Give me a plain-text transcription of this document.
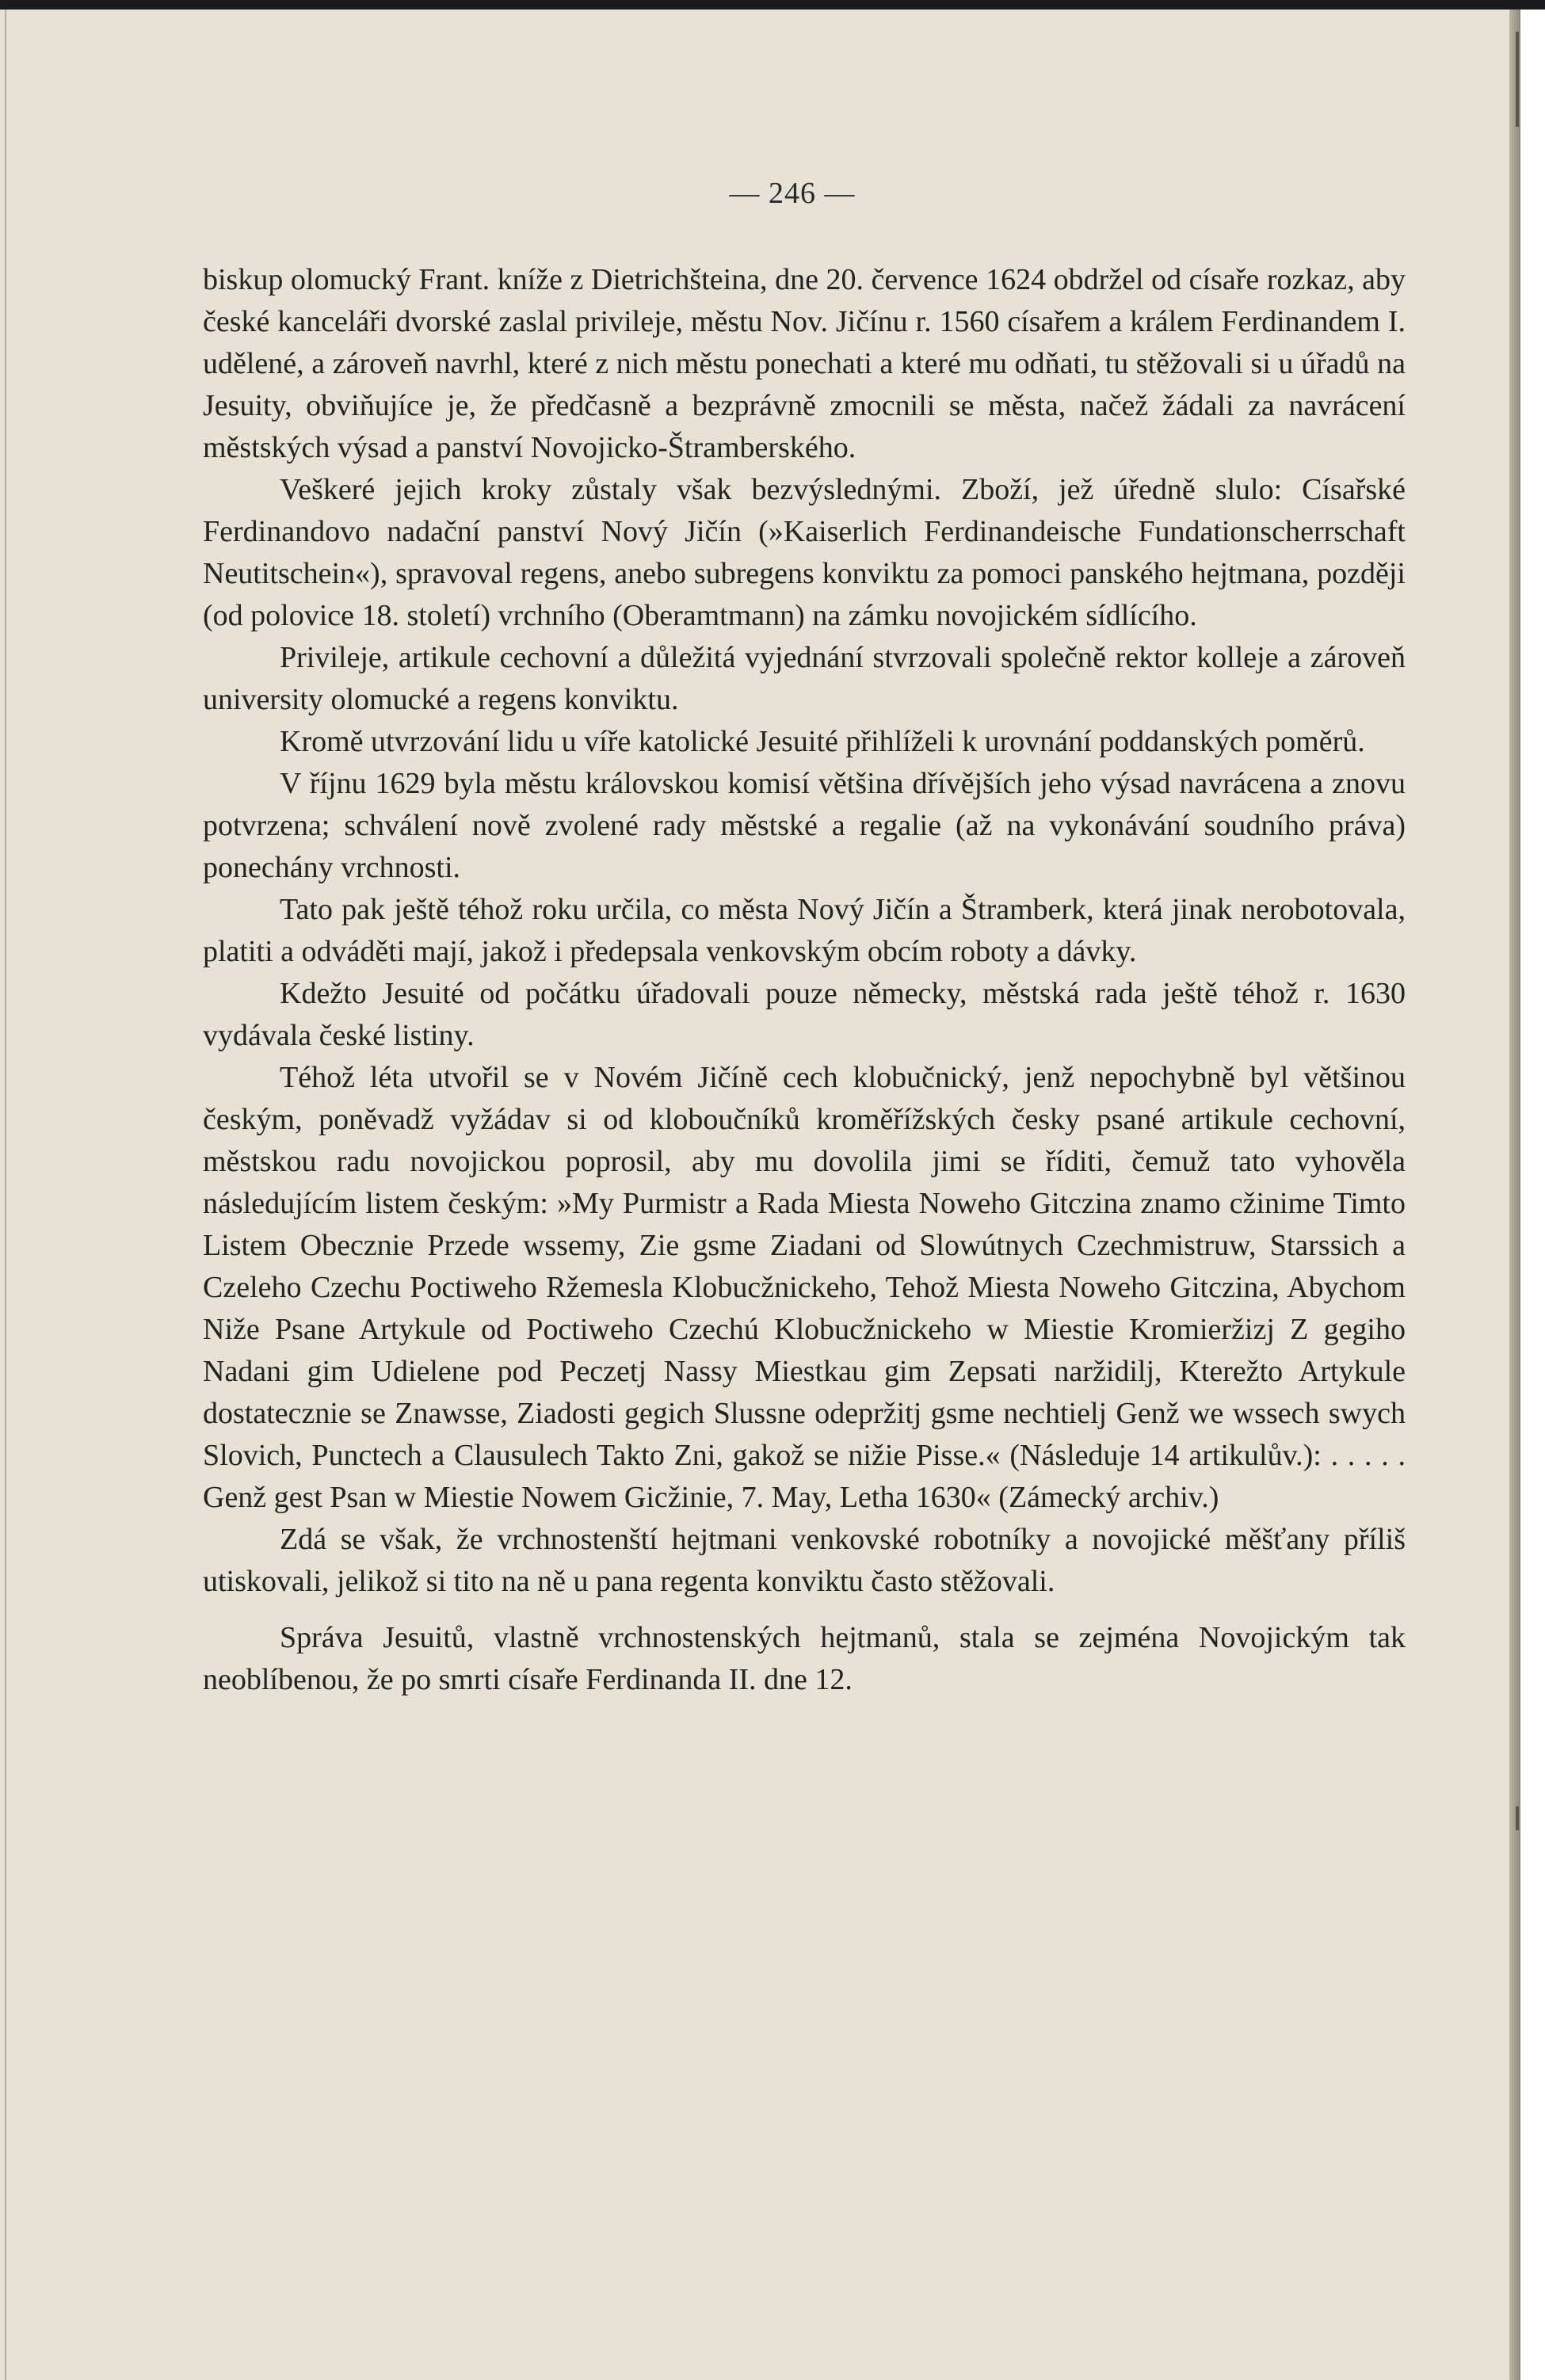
— 246 —

biskup olomucký Frant. kníže z Dietrichšteina, dne 20. července 1624 obdržel od císaře rozkaz, aby české kanceláři dvorské zaslal privileje, městu Nov. Jičínu r. 1560 císařem a králem Ferdinandem I. udělené, a zároveň navrhl, které z nich městu ponechati a které mu odňati, tu stěžovali si u úřadů na Jesuity, obviňujíce je, že předčasně a bezprávně zmocnili se města, načež žádali za navrácení městských výsad a panství Novojicko-Štramberského.

Veškeré jejich kroky zůstaly však bezvýslednými. Zboží, jež úředně slulo: Císařské Ferdinandovo nadační panství Nový Jičín (»Kaiserlich Ferdinandeische Fundationscherrschaft Neutitschein«), spravoval regens, anebo subregens konviktu za pomoci panského hejtmana, později (od polovice 18. století) vrchního (Oberamtmann) na zámku novojickém sídlícího.

Privileje, artikule cechovní a důležitá vyjednání stvrzovali společně rektor kolleje a zároveň university olomucké a regens konviktu.

Kromě utvrzování lidu u víře katolické Jesuité přihlíželi k urovnání poddanských poměrů.

V říjnu 1629 byla městu královskou komisí většina dřívějších jeho výsad navrácena a znovu potvrzena; schválení nově zvolené rady městské a regalie (až na vykonávání soudního práva) ponechány vrchnosti.

Tato pak ještě téhož roku určila, co města Nový Jičín a Štramberk, která jinak nerobotovala, platiti a odváděti mají, jakož i předepsala venkovským obcím roboty a dávky.

Kdežto Jesuité od počátku úřadovali pouze německy, městská rada ještě téhož r. 1630 vydávala české listiny.

Téhož léta utvořil se v Novém Jičíně cech klobučnický, jenž nepochybně byl většinou českým, poněvadž vyžádav si od kloboučníků kroměřížských česky psané artikule cechovní, městskou radu novojickou poprosil, aby mu dovolila jimi se říditi, čemuž tato vyhověla následujícím listem českým: »My Purmistr a Rada Miesta Noweho Gitczina znamo cžinime Timto Listem Obecznie Przede wssemy, Zie gsme Ziadani od Slowútnych Czechmistruw, Starssich a Czeleho Czechu Poctiweho Ržemesla Klobucžnickeho, Tehož Miesta Noweho Gitczina, Abychom Niže Psane Artykule od Poctiweho Czechú Klobucžnickeho w Miestie Kromieržizj Z gegiho Nadani gim Udielene pod Peczetj Nassy Miestkau gim Zepsati naržidilj, Kterežto Artykule dostatecznie se Znawsse, Ziadosti gegich Slussne odepržitj gsme nechtielj Genž we wssech swych Slovich, Punctech a Clausulech Takto Zni, gakož se nižie Pisse.« (Následuje 14 artikulův.): . . . . . Genž gest Psan w Miestie Nowem Gicžinie, 7. May, Letha 1630« (Zámecký archiv.)

Zdá se však, že vrchnostenští hejtmani venkovské robotníky a novojické měšťany příliš utiskovali, jelikož si tito na ně u pana regenta konviktu často stěžovali.

Správa Jesuitů, vlastně vrchnostenských hejtmanů, stala se zejména Novojickým tak neoblíbenou, že po smrti císaře Ferdinanda II. dne 12.
